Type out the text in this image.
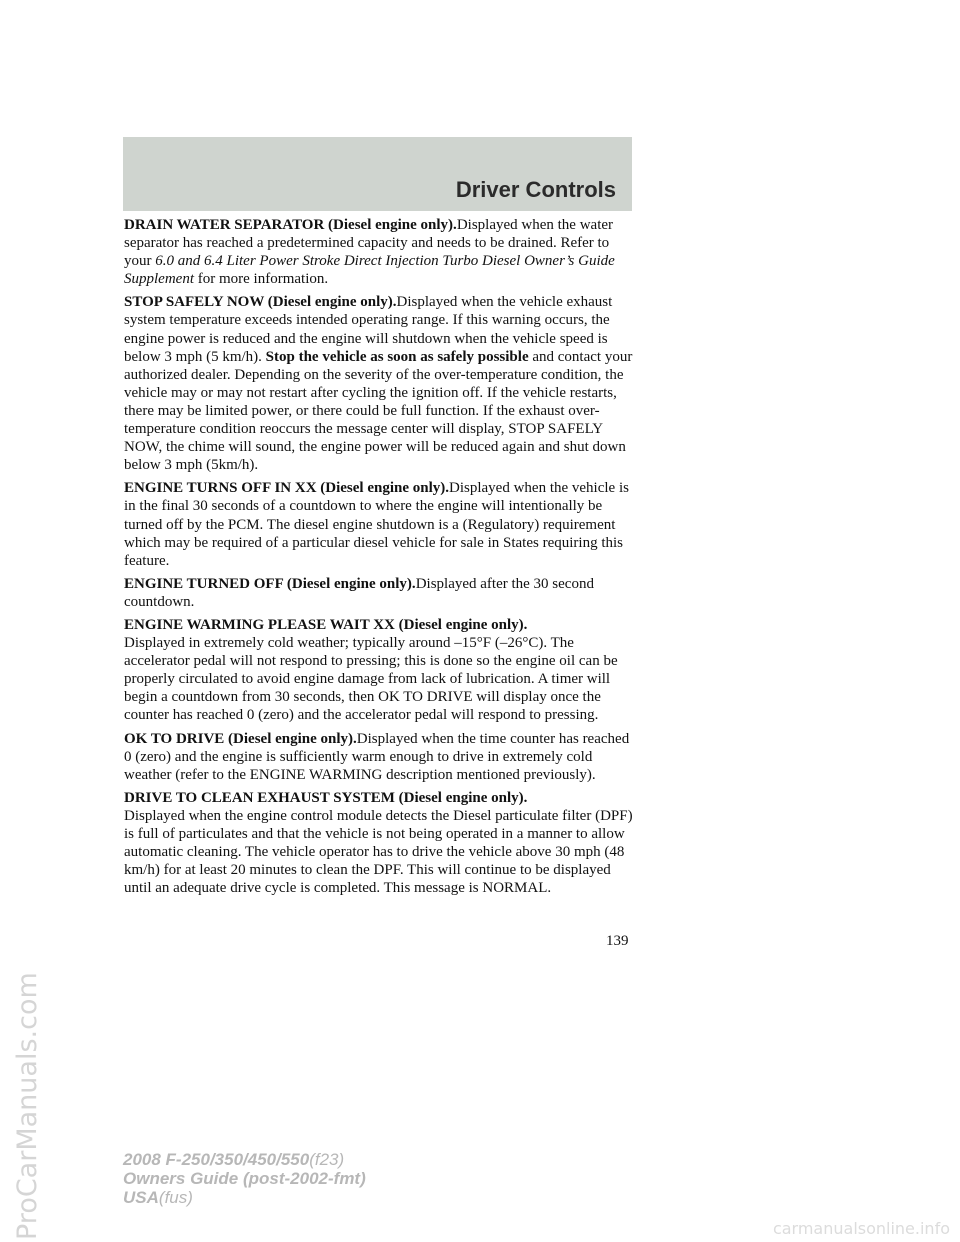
Driver Controls
ProCarManuals.com

DRAIN WATER SEPARATOR (Diesel engine only).Displayed when the water separator has reached a predetermined capacity and needs to be drained. Refer to your 6.0 and 6.4 Liter Power Stroke Direct Injection Turbo Diesel Owner’s Guide Supplement for more information.

STOP SAFELY NOW (Diesel engine only).Displayed when the vehicle exhaust system temperature exceeds intended operating range. If this warning occurs, the engine power is reduced and the engine will shutdown when the vehicle speed is below 3 mph (5 km/h). Stop the vehicle as soon as safely possible and contact your authorized dealer. Depending on the severity of the over-temperature condition, the vehicle may or may not restart after cycling the ignition off. If the vehicle restarts, there may be limited power, or there could be full function. If the exhaust over-temperature condition reoccurs the message center will display, STOP SAFELY NOW, the chime will sound, the engine power will be reduced again and shut down below 3 mph (5km/h).

ENGINE TURNS OFF IN XX (Diesel engine only).Displayed when the vehicle is in the final 30 seconds of a countdown to where the engine will intentionally be turned off by the PCM. The diesel engine shutdown is a (Regulatory) requirement which may be required of a particular diesel vehicle for sale in States requiring this feature.

ENGINE TURNED OFF (Diesel engine only).Displayed after the 30 second countdown.

ENGINE WARMING PLEASE WAIT XX (Diesel engine only).
Displayed in extremely cold weather; typically around –15°F (–26°C). The accelerator pedal will not respond to pressing; this is done so the engine oil can be properly circulated to avoid engine damage from lack of lubrication. A timer will begin a countdown from 30 seconds, then OK TO DRIVE will display once the counter has reached 0 (zero) and the accelerator pedal will respond to pressing.

OK TO DRIVE (Diesel engine only).Displayed when the time counter has reached 0 (zero) and the engine is sufficiently warm enough to drive in extremely cold weather (refer to the ENGINE WARMING description mentioned previously).

DRIVE TO CLEAN EXHAUST SYSTEM (Diesel engine only).
Displayed when the engine control module detects the Diesel particulate filter (DPF) is full of particulates and that the vehicle is not being operated in a manner to allow automatic cleaning. The vehicle operator has to drive the vehicle above 30 mph (48 km/h) for at least 20 minutes to clean the DPF. This will continue to be displayed until an adequate drive cycle is completed. This message is NORMAL.

139
2008 F-250/350/450/550(f23)
Owners Guide (post-2002-fmt)
USA(fus)
carmanualsonline.info
